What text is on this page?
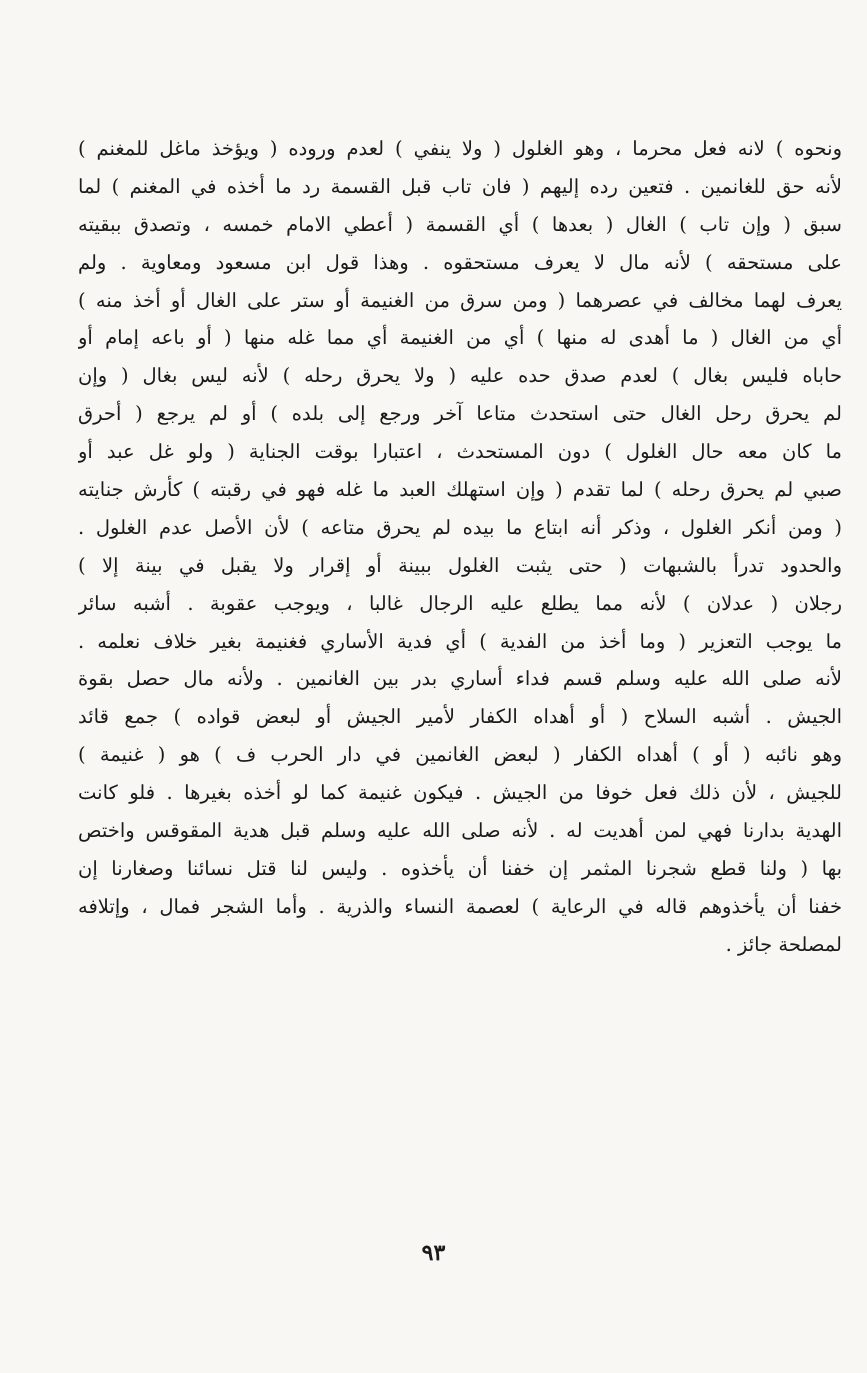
ونحوه ) لانه فعل محرما ، وهو الغلول ( ولا ينفي ) لعدم وروده ( ويؤخذ ماغل للمغنم )
لأنه حق للغانمين . فتعين رده إليهم ( فان تاب قبل القسمة رد ما أخذه في المغنم ) لما
سبق ( وإن تاب ) الغال ( بعدها ) أي القسمة ( أعطي الامام خمسه ، وتصدق ببقيته
على مستحقه ) لأنه مال لا يعرف مستحقوه . وهذا قول ابن مسعود ومعاوية . ولم
يعرف لهما مخالف في عصرهما ( ومن سرق من الغنيمة أو ستر على الغال أو أخذ منه )
أي من الغال ( ما أهدى له منها ) أي من الغنيمة أي مما غله منها ( أو باعه إمام أو
حاباه فليس بغال ) لعدم صدق حده عليه ( ولا يحرق رحله ) لأنه ليس بغال ( وإن
لم يحرق رحل الغال حتى استحدث متاعا آخر ورجع إلى بلده ) أو لم يرجع ( أحرق
ما كان معه حال الغلول ) دون المستحدث ، اعتبارا بوقت الجناية ( ولو غل عبد أو
صبي لم يحرق رحله ) لما تقدم ( وإن استهلك العبد ما غله فهو في رقبته ) كأرش جنايته
( ومن أنكر الغلول ، وذكر أنه ابتاع ما بيده لم يحرق متاعه ) لأن الأصل عدم الغلول .
والحدود تدرأ بالشبهات ( حتى يثبت الغلول ببينة أو إقرار ولا يقبل في بينة إلا )
رجلان ( عدلان ) لأنه مما يطلع عليه الرجال غالبا ، ويوجب عقوبة . أشبه سائر
ما يوجب التعزير ( وما أخذ من الفدية ) أي فدية الأساري فغنيمة بغير خلاف نعلمه .
لأنه صلى الله عليه وسلم قسم فداء أساري بدر بين الغانمين . ولأنه مال حصل بقوة
الجيش . أشبه السلاح ( أو أهداه الكفار لأمير الجيش أو لبعض قواده ) جمع قائد
وهو نائبه ( أو ) أهداه الكفار ( لبعض الغانمين في دار الحرب ف ) هو ( غنيمة )
للجيش ، لأن ذلك فعل خوفا من الجيش . فيكون غنيمة كما لو أخذه بغيرها . فلو كانت
الهدية بدارنا فهي لمن أهديت له . لأنه صلى الله عليه وسلم قبل هدية المقوقس واختص
بها ( ولنا قطع شجرنا المثمر إن خفنا أن يأخذوه . وليس لنا قتل نسائنا وصغارنا إن
خفنا أن يأخذوهم قاله في الرعاية ) لعصمة النساء والذرية . وأما الشجر فمال ، وإتلافه
لمصلحة جائز .
٩٣
